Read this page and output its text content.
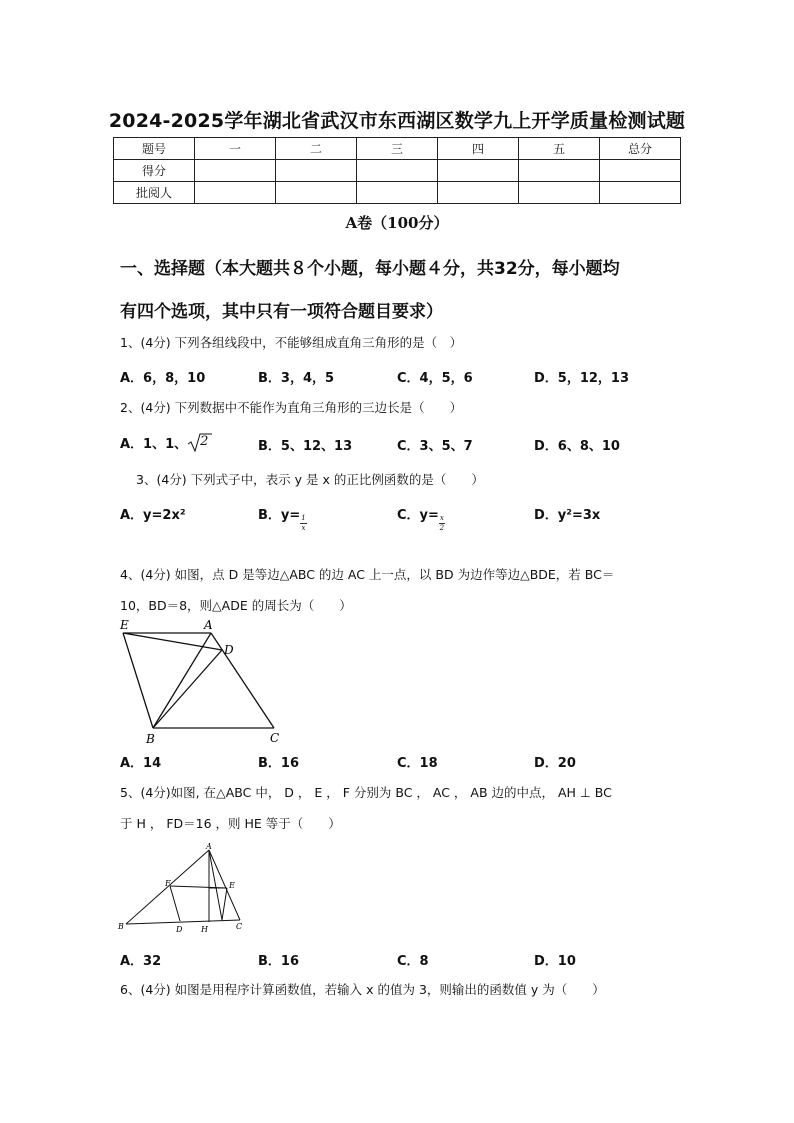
2024-2025学年湖北省武汉市东西湖区数学九上开学质量检测试题
题号	一	二	三	四	五	总分
得分						
批阅人						
A卷（100分）
一、选择题（本大题共８个小题，每小题４分，共32分，每小题均
有四个选项，其中只有一项符合题目要求）
1、(4分) 下列各组线段中，不能够组成直角三角形的是（　）
A．6，8，10	B．3，4，5	C．4，5，6	D．5，12，13
2、(4分) 下列数据中不能作为直角三角形的三边长是（　　）
A．1、1、 2	B．5、12、13	C．3、5、7	D．6、8、10
3、(4分) 下列式子中，表示 y 是 x 的正比例函数的是（　　）
A．y=2x²	B．$y= \frac{1}{x}$	C．$y= \frac{x}{2}$	D．y²=3x
4、(4分) 如图，点 D 是等边△ABC 的边 AC 上一点，以 BD 为边作等边△BDE，若 BC＝
10，BD＝8，则△ADE 的周长为（　　）
E	A
D
B	C
A．14	B．16	C．18	D．20
5、(4分)如图, 在△ABC 中， D ， E ， F 分别为 BC ， AC ， AB 边的中点， AH ⊥ BC
于 H ， FD＝16 ，则 HE 等于（　　）
A
F	E
B	D H	C
A．32	B．16	C．8	D．10
6、(4分) 如图是用程序计算函数值，若输入 x 的值为 3，则输出的函数值 y 为（　　）
